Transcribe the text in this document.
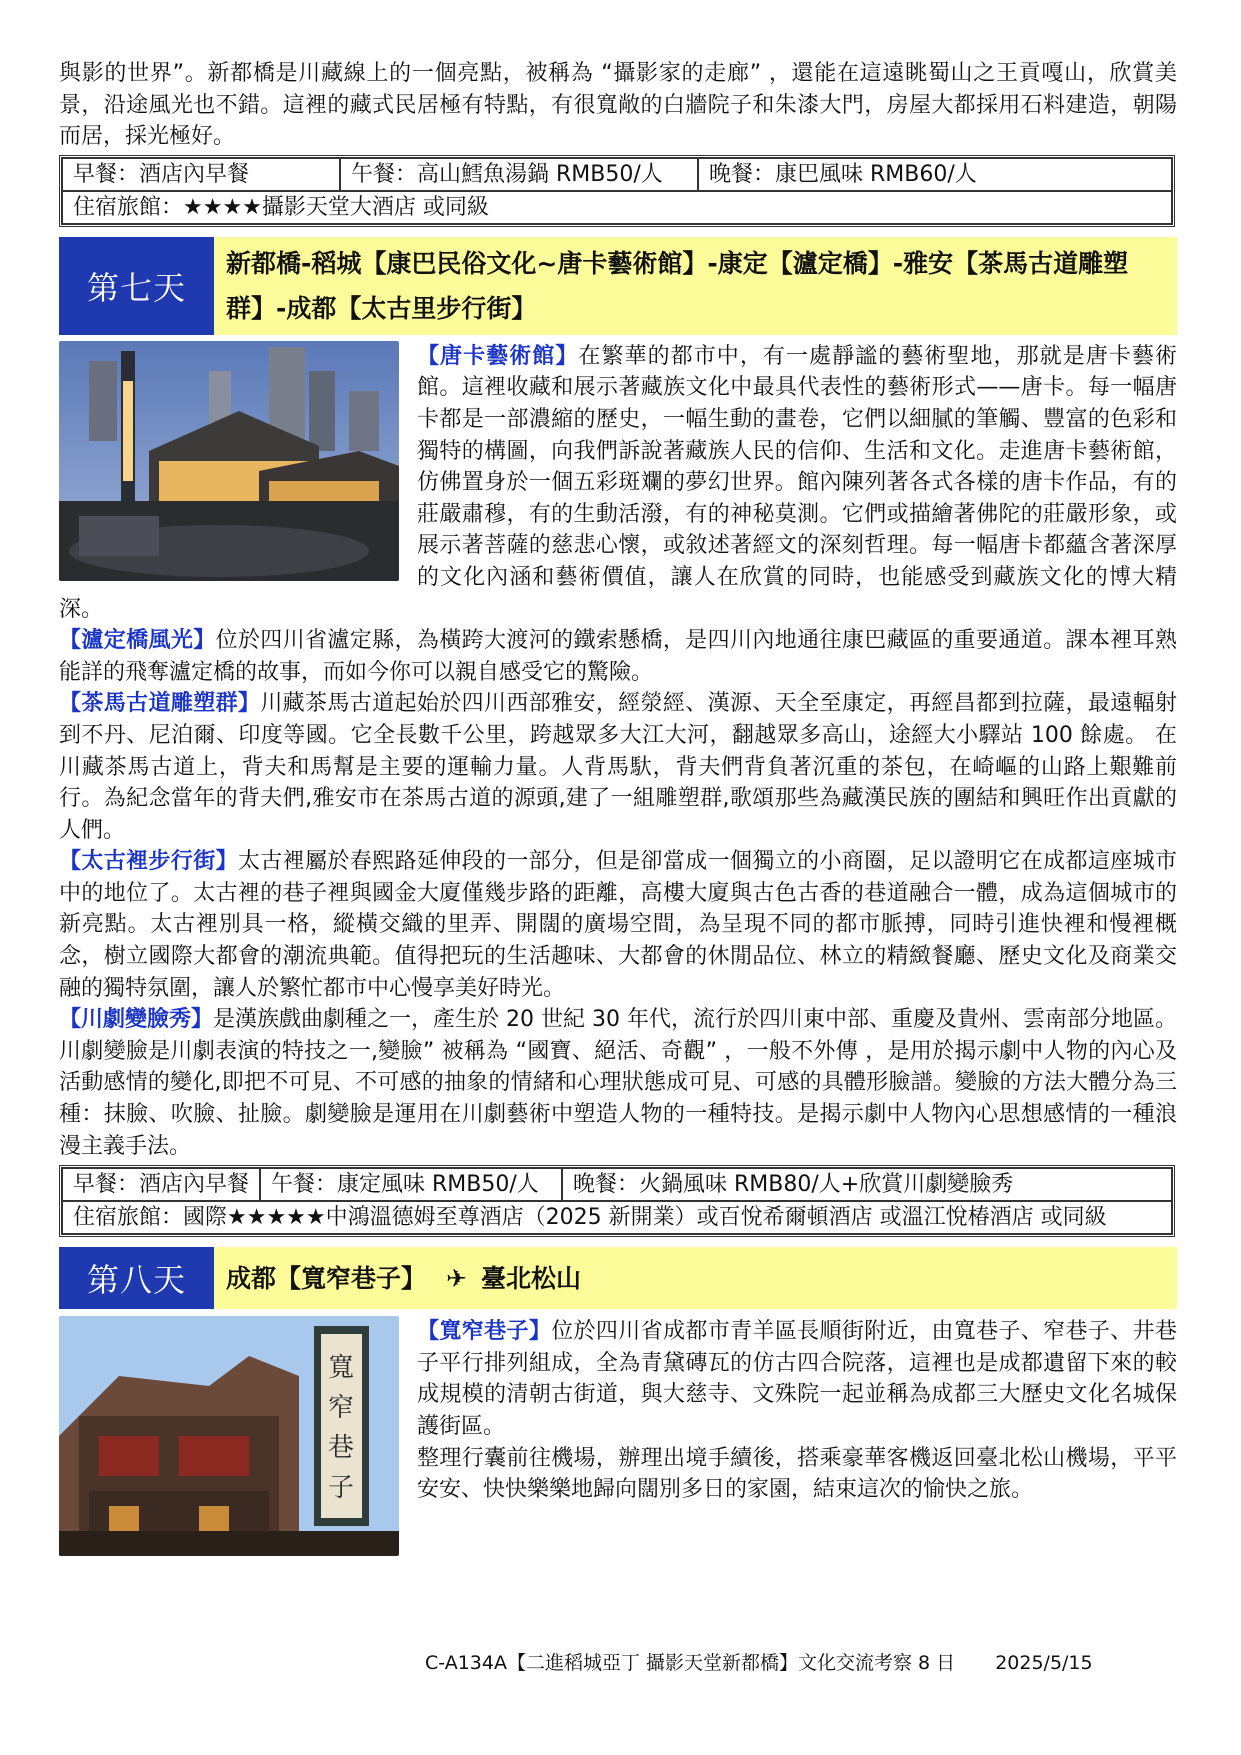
與影的世界”。新都橋是川藏線上的一個亮點，被稱為 “攝影家的走廊” ，還能在這遠眺蜀山之王貢嘎山，欣賞美景，沿途風光也不錯。這裡的藏式民居極有特點，有很寬敞的白牆院子和朱漆大門，房屋大都採用石料建造，朝陽而居，採光極好。

早餐：酒店內早餐	午餐：高山鱈魚湯鍋 RMB50/人	晚餐：康巴風味 RMB60/人
住宿旅館：★★★★攝影天堂大酒店 或同級
第七天
新都橋-稻城【康巴民俗文化~唐卡藝術館】-康定【瀘定橋】-雅安【茶馬古道雕塑群】-成都【太古里步行街】

【唐卡藝術館】在繁華的都市中，有一處靜謐的藝術聖地，那就是唐卡藝術館。這裡收藏和展示著藏族文化中最具代表性的藝術形式——唐卡。每一幅唐卡都是一部濃縮的歷史，一幅生動的畫卷，它們以細膩的筆觸、豐富的色彩和獨特的構圖，向我們訴說著藏族人民的信仰、生活和文化。走進唐卡藝術館，仿佛置身於一個五彩斑斕的夢幻世界。館內陳列著各式各樣的唐卡作品，有的莊嚴肅穆，有的生動活潑，有的神秘莫測。它們或描繪著佛陀的莊嚴形象，或展示著菩薩的慈悲心懷，或敘述著經文的深刻哲理。每一幅唐卡都蘊含著深厚的文化內涵和藝術價值，讓人在欣賞的同時，也能感受到藏族文化的博大精深。

【瀘定橋風光】位於四川省瀘定縣，為橫跨大渡河的鐵索懸橋，是四川內地通往康巴藏區的重要通道。課本裡耳熟能詳的飛奪瀘定橋的故事，而如今你可以親自感受它的驚險。

【茶馬古道雕塑群】川藏茶馬古道起始於四川西部雅安，經滎經、漢源、天全至康定，再經昌都到拉薩，最遠輻射到不丹、尼泊爾、印度等國。它全長數千公里，跨越眾多大江大河，翻越眾多高山，途經大小驛站 100 餘處。 在川藏茶馬古道上，背夫和馬幫是主要的運輸力量。人背馬馱，背夫們背負著沉重的茶包，在崎嶇的山路上艱難前行。為紀念當年的背夫們,雅安市在茶馬古道的源頭,建了一組雕塑群,歌頌那些為藏漢民族的團結和興旺作出貢獻的人們。

【太古裡步行街】太古裡屬於春熙路延伸段的一部分，但是卻當成一個獨立的小商圈，足以證明它在成都這座城市中的地位了。太古裡的巷子裡與國金大廈僅幾步路的距離，高樓大廈與古色古香的巷道融合一體，成為這個城市的新亮點。太古裡別具一格，縱橫交織的里弄、開闊的廣場空間，為呈現不同的都市脈搏，同時引進快裡和慢裡概念，樹立國際大都會的潮流典範。值得把玩的生活趣味、大都會的休閒品位、林立的精緻餐廳、歷史文化及商業交融的獨特氛圍，讓人於繁忙都市中心慢享美好時光。

【川劇變臉秀】是漢族戲曲劇種之一，產生於 20 世紀 30 年代，流行於四川東中部、重慶及貴州、雲南部分地區。川劇變臉是川劇表演的特技之一,變臉” 被稱為 “國寶、絕活、奇觀” ，一般不外傳 ，是用於揭示劇中人物的內心及活動感情的變化,即把不可見、不可感的抽象的情緒和心理狀態成可見、可感的具體形臉譜。變臉的方法大體分為三種：抹臉、吹臉、扯臉。劇變臉是運用在川劇藝術中塑造人物的一種特技。是揭示劇中人物內心思想感情的一種浪漫主義手法。

早餐：酒店內早餐	午餐：康定風味 RMB50/人	晚餐：火鍋風味 RMB80/人+欣賞川劇變臉秀
住宿旅館：國際★★★★★中鴻溫德姆至尊酒店（2025 新開業）或百悅希爾頓酒店 或溫江悅椿酒店 或同級
第八天	成都【寬窄巷子】 ✈ 臺北松山
寬
窄
巷
子

【寬窄巷子】位於四川省成都市青羊區長順街附近，由寬巷子、窄巷子、井巷子平行排列組成，全為青黛磚瓦的仿古四合院落，這裡也是成都遺留下來的較成規模的清朝古街道，與大慈寺、文殊院一起並稱為成都三大歷史文化名城保護街區。

整理行囊前往機場，辦理出境手續後，搭乘豪華客機返回臺北松山機場，平平安安、快快樂樂地歸向闊別多日的家園，結束這次的愉快之旅。

C-A134A【二進稻城亞丁 攝影天堂新都橋】文化交流考察 8 日 2025/5/15
